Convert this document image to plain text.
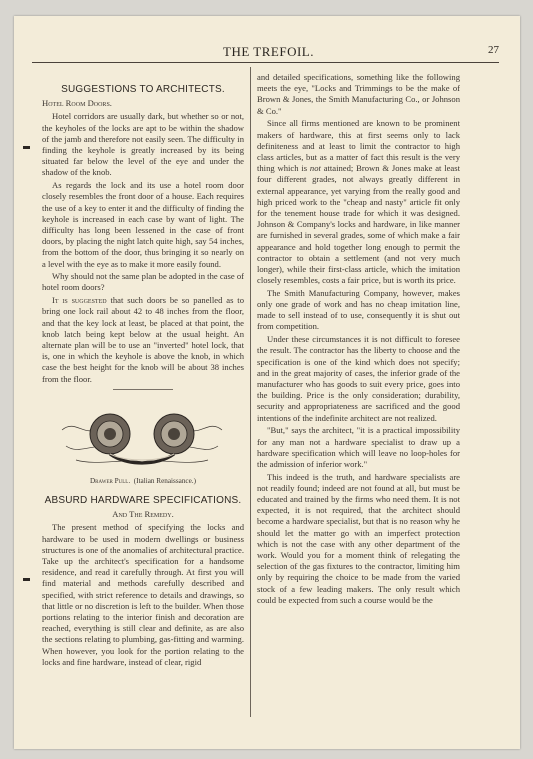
THE TREFOIL.	27
SUGGESTIONS TO ARCHITECTS.
Hotel Room Doors.

Hotel corridors are usually dark, but whether so or not, the keyholes of the locks are apt to be within the shadow of the jamb and therefore not easily seen. The difficulty in finding the keyhole is greatly increased by its being situated far below the level of the eye and under the shadow of the knob.

As regards the lock and its use a hotel room door closely resembles the front door of a house. Each requires the use of a key to enter it and the difficulty of finding the keyhole is increased in each case by want of light. The difficulty has long been lessened in the case of front doors, by placing the night latch quite high, say 54 inches, from the bottom of the door, thus bringing it so nearly on a level with the eye as to make it more easily found.

Why should not the same plan be adopted in the case of hotel room doors?

It is suggested that such doors be so panelled as to bring one lock rail about 42 to 48 inches from the floor, and that the key lock at least, be placed at that point, the knob latch being kept below at the usual height. An alternate plan will be to use an "inverted" hotel lock, that is, one in which the keyhole is above the knob, in which case the best height for the knob will be about 38 inches from the floor.

Drawer Pull. (Italian Renaissance.)
ABSURD HARDWARE SPECIFICATIONS.
And The Remedy.

The present method of specifying the locks and hardware to be used in modern dwellings or business structures is one of the anomalies of architectural practice. Take up the architect's specification for a handsome residence, and read it carefully through. At first you will find material and methods carefully described and specified, with strict reference to details and drawings, so that little or no discretion is left to the builder. When those portions relating to the interior finish and decoration are reached, everything is still clear and definite, as are also the sections relating to plumbing, gas-fitting and warming. When however, you look for the portion relating to the locks and fine hardware, instead of clear, rigid

and detailed specifications, something like the following meets the eye, "Locks and Trimmings to be the make of Brown & Jones, the Smith Manufacturing Co., or Johnson & Co."

Since all firms mentioned are known to be prominent makers of hardware, this at first seems only to lack definiteness and at least to limit the contractor to high class articles, but as a matter of fact this result is the very thing which is not attained; Brown & Jones make at least four different grades, not always greatly different in external appearance, yet varying from the really good and high priced work to the "cheap and nasty" article fit only for the tenement house trade for which it was designed. Johnson & Company's locks and hardware, in like manner are furnished in several grades, some of which make a fair appearance and hold together long enough to permit the contractor to obtain a settlement (and not very much longer), while their first-class article, which the imitation closely resembles, costs a fair price, but is worth its price.

The Smith Manufacturing Company, however, makes only one grade of work and has no cheap imitation line, made to sell instead of to use, consequently it is shut out from competition.

Under these circumstances it is not difficult to foresee the result. The contractor has the liberty to choose and the specification is one of the kind which does not specify; and in the great majority of cases, the inferior grade of the manufacturer who has goods to suit every price, goes into the building. Price is the only consideration; durability, security and appropriateness are sacrificed and the good intentions of the indefinite architect are not realized.

"But," says the architect, "it is a practical impossibility for any man not a hardware specialist to draw up a hardware specification which will leave no loop-holes for the admission of inferior work."

This indeed is the truth, and hardware specialists are not readily found; indeed are not found at all, but must be educated and trained by the firms who need them. It is not expected, it is not required, that the architect should become a hardware specialist, but that is no reason why he should let the matter go with an imperfect protection which is not the case with any other department of the work. Would you for a moment think of relegating the selection of the gas fixtures to the contractor, limiting him only by requiring the choice to be made from the varied stock of a few leading makers. The only result which could be expected from such a course would be the
